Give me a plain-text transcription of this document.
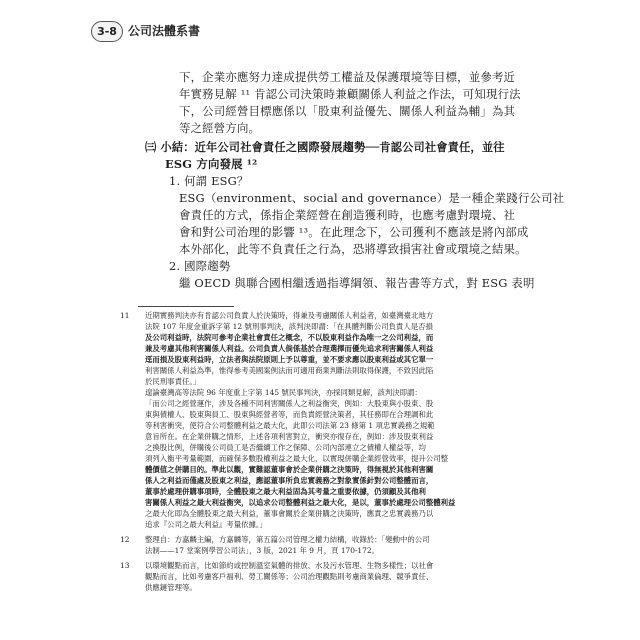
3-8 公司法體系書
下，企業亦應努力達成提供勞工權益及保護環境等目標，並參考近
年實務見解 ¹¹ 肯認公司決策時兼顧關係人利益之作法，可知現行法
下，公司經營目標應係以「股東利益優先、關係人利益為輔」為其
等之經營方向。
㈢ 小結：近年公司社會責任之國際發展趨勢──肯認公司社會責任，並往
ESG 方向發展 ¹²
1. 何謂 ESG？
ESG（environment、social and governance）是一種企業踐行公司社
會責任的方式，係指企業經營在創造獲利時，也應考慮對環境、社
會和對公司治理的影響 ¹³。在此理念下，公司獲利不應該是將內部成
本外部化，此等不負責任之行為，恐將導致損害社會或環境之結果。
2. 國際趨勢
繼 OECD 與聯合國相繼透過指導綱領、報告書等方式，對 ESG 表明
11 近期實務判決亦有肯認公司負責人於決策時，得兼及考慮關係人利益者，如臺灣臺北地方
法院 107 年度金重訴字第 12 號刑事判決，該判決即謂：「在具體判斷公司負責人是否損
及公司利益時，法院可參考企業社會責任之概念，不以股東利益作為唯一之公司利益，而
兼及考慮其他利害關係人利益。公司負責人倘係基於合理選擇而優先追求利害關係人利益
逕而損及股東利益時，立法者與法院原則上予以尊重，並不要求應以股東利益或其它單一
利害關係人利益為準，惟得參考美國案例法而可適用商業判斷法則取得保護，不致因此陷
於民刑事責任。」
遑論臺灣高等法院 96 年度重上字第 145 號民事判決，亦採同類見解，該判決即謂：
「而公司之經營運作，涉及各種不同利害關係人之利益衡突，例如：大股東與小股東、股
東與債權人、股東與員工、股東與經營者等，而負責經營決策者，其任務即在合理調和此
等利害衝突，使符合公司整體利益之最大化，此即公司法第 23 條第 1 項忠實義務之規範
意旨所在。在企業併購之情形，上述各項利害對立，衝突亦復存在，例如：涉及股東利益
之換股比例，併購後公司員工是否繼續工作之保障、公司內部連立之債權人權益等，均
須列入衡平考量範圍，而確保多數股權利益之最大化，以實現併購企業經營效率，提升公司整
體價值之併購目的。準此以觀，實難認董事會於企業併購之決策時，得無視於其他利害關
係人之利益而僅處及股東之利益，應認董事所負忠實義務之對象實係針對公司整體而言，
董事於處理併購事項時，全體股東之最大利益固為其考量之重要依據，仍須顧及其他利
害關係人利益之最大利益衡突，以追求公司整體利益之最大化，是以，董事於處理公司整體利益
之最大化即為全體股東之最大利益，董事會關於企業併購之決策時，應責之忠實義務乃以
追求『公司之最大利益』考量依據。」
12 整理自：方嘉麟主編，方嘉麟等，第五篇公司管理之權力結構，收錄於：「變動中的公司
法制——17 堂案例學習公司法」，3 版，2021 年 9 月，頁 170-172。
13 以環境觀點而言，比如節約或控制溫室氣體的排放、水及污水管理、生物多樣性；以社會
觀點而言，比如考慮客戶福利、勞工關係等；公司治理觀點則考慮商業倫理、競爭責任、
供應鏈管理等。
